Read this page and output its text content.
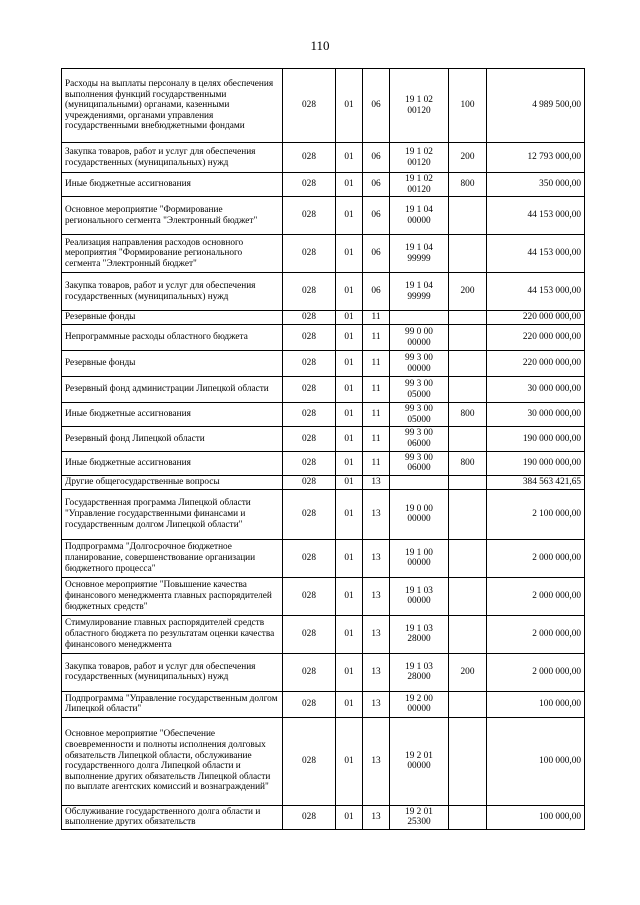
110
Расходы на выплаты персоналу в целях обеспечения выполнения функций государственными (муниципальными) органами, казенными учреждениями, органами управления государственными внебюджетными фондами	028	01	06	19 1 02 00120	100	4 989 500,00
Закупка товаров, работ и услуг для обеспечения государственных (муниципальных) нужд	028	01	06	19 1 02 00120	200	12 793 000,00
Иные бюджетные ассигнования	028	01	06	19 1 02 00120	800	350 000,00
Основное мероприятие "Формирование регионального сегмента "Электронный бюджет"	028	01	06	19 1 04 00000		44 153 000,00
Реализация направления расходов основного мероприятия "Формирование регионального сегмента "Электронный бюджет"	028	01	06	19 1 04 99999		44 153 000,00
Закупка товаров, работ и услуг для обеспечения государственных (муниципальных) нужд	028	01	06	19 1 04 99999	200	44 153 000,00
Резервные фонды	028	01	11			220 000 000,00
Непрограммные расходы областного бюджета	028	01	11	99 0 00 00000		220 000 000,00
Резервные фонды	028	01	11	99 3 00 00000		220 000 000,00
Резервный фонд администрации Липецкой области	028	01	11	99 3 00 05000		30 000 000,00
Иные бюджетные ассигнования	028	01	11	99 3 00 05000	800	30 000 000,00
Резервный фонд Липецкой области	028	01	11	99 3 00 06000		190 000 000,00
Иные бюджетные ассигнования	028	01	11	99 3 00 06000	800	190 000 000,00
Другие общегосударственные вопросы	028	01	13			384 563 421,65
Государственная программа Липецкой области "Управление государственными финансами и государственным долгом Липецкой области"	028	01	13	19 0 00 00000		2 100 000,00
Подпрограмма "Долгосрочное бюджетное планирование, совершенствование организации бюджетного процесса"	028	01	13	19 1 00 00000		2 000 000,00
Основное мероприятие "Повышение качества финансового менеджмента главных распорядителей бюджетных средств"	028	01	13	19 1 03 00000		2 000 000,00
Стимулирование главных распорядителей средств областного бюджета по результатам оценки качества финансового менеджмента	028	01	13	19 1 03 28000		2 000 000,00
Закупка товаров, работ и услуг для обеспечения государственных (муниципальных) нужд	028	01	13	19 1 03 28000	200	2 000 000,00
Подпрограмма "Управление государственным долгом Липецкой области"	028	01	13	19 2 00 00000		100 000,00
Основное мероприятие "Обеспечение своевременности и полноты исполнения долговых обязательств Липецкой области, обслуживание государственного долга Липецкой области и выполнение других обязательств Липецкой области по выплате агентских комиссий и вознаграждений"	028	01	13	19 2 01 00000		100 000,00
Обслуживание государственного долга области и выполнение других обязательств	028	01	13	19 2 01 25300		100 000,00
